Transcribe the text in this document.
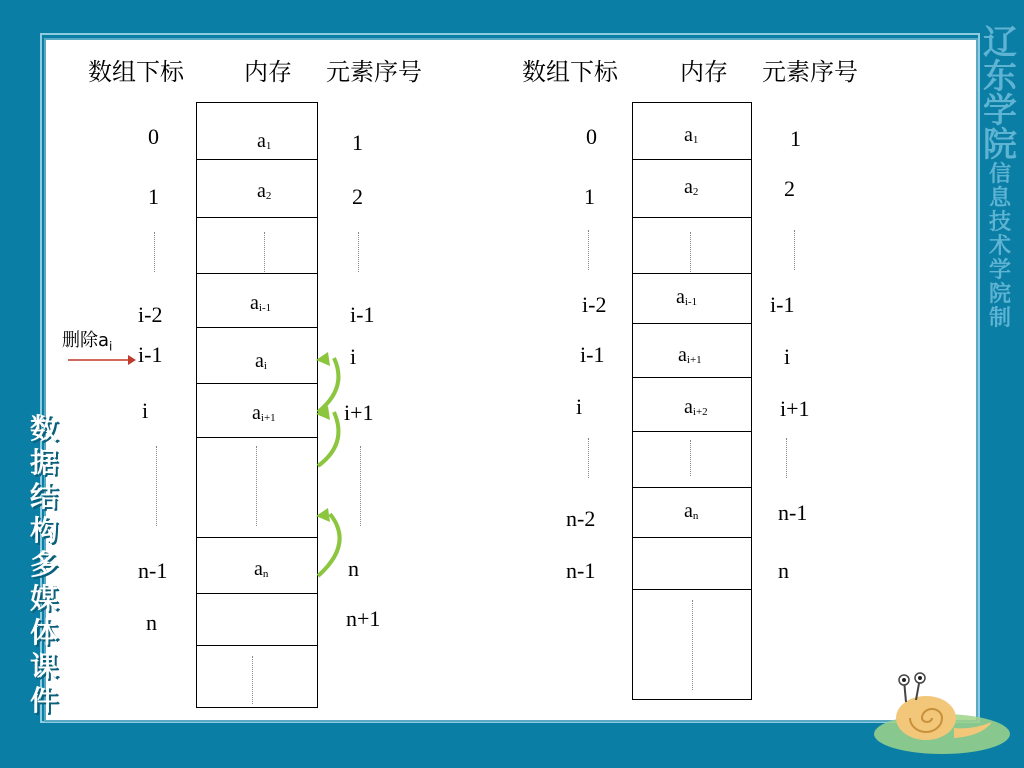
辽
东
学
院
信
息
技
术
学
院
制
数
据
结
构
多
媒
体
课
件
数组下标	内存 元素序号
0
1
i-2
i-1
i
n-1
n
$a_1$
$a_2$
$a_{i-1}$
$a_i$
$a_{i+1}$
$a_n$
1
2
i-1
i
i+1
n
n+1
删除$a_i$
数组下标	内存 元素序号
0
1
i-2
i-1
i
n-2
n-1
$a_1$
$a_2$
$a_{i-1}$
$a_{i+1}$
$a_{i+2}$
$a_n$
1
2
i-1
i
i+1
n-1
n
